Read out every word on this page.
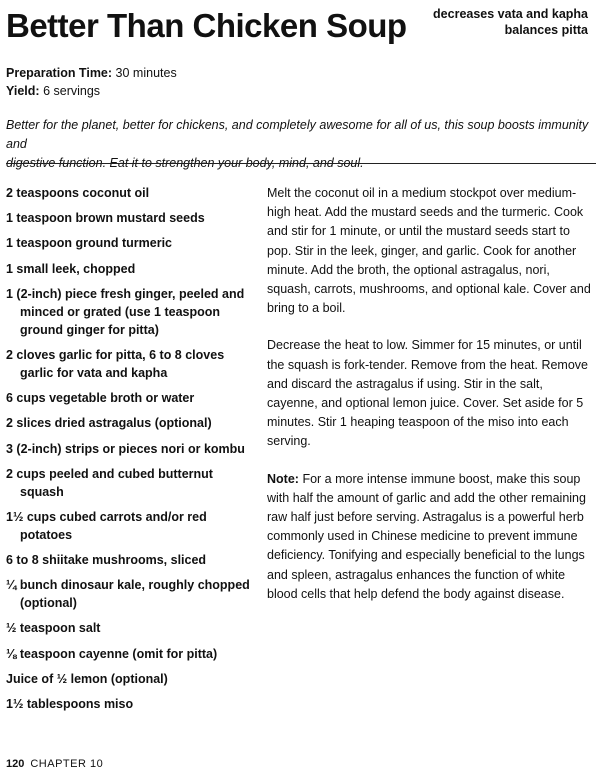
Better Than Chicken Soup	decreases vata and kapha
balances pitta
Preparation Time: 30 minutes
Yield: 6 servings
Better for the planet, better for chickens, and completely awesome for all of us, this soup boosts immunity and
digestive function. Eat it to strengthen your body, mind, and soul.
2 teaspoons coconut oil
1 teaspoon brown mustard seeds
1 teaspoon ground turmeric
1 small leek, chopped
1 (2-inch) piece fresh ginger, peeled and minced or grated (use 1 teaspoon ground ginger for pitta)
2 cloves garlic for pitta, 6 to 8 cloves garlic for vata and kapha
6 cups vegetable broth or water
2 slices dried astragalus (optional)
3 (2-inch) strips or pieces nori or kombu
2 cups peeled and cubed butternut squash
1½ cups cubed carrots and/or red potatoes
6 to 8 shiitake mushrooms, sliced
¼ bunch dinosaur kale, roughly chopped (optional)
½ teaspoon salt
⅛ teaspoon cayenne (omit for pitta)
Juice of ½ lemon (optional)
1½ tablespoons miso

Melt the coconut oil in a medium stockpot over medium-high heat. Add the mustard seeds and the turmeric. Cook and stir for 1 minute, or until the mustard seeds start to pop. Stir in the leek, ginger, and garlic. Cook for another minute. Add the broth, the optional astragalus, nori, squash, carrots, mushrooms, and optional kale. Cover and bring to a boil.

Decrease the heat to low. Simmer for 15 minutes, or until the squash is fork-tender. Remove from the heat. Remove and discard the astragalus if using. Stir in the salt, cayenne, and optional lemon juice. Cover. Set aside for 5 minutes. Stir 1 heaping teaspoon of the miso into each serving.

Note: For a more intense immune boost, make this soup with half the amount of garlic and add the other remaining raw half just before serving. Astragalus is a powerful herb commonly used in Chinese medicine to prevent immune deficiency. Tonifying and especially beneficial to the lungs and spleen, astragalus enhances the function of white blood cells that help defend the body against disease.

120 CHAPTER 10
